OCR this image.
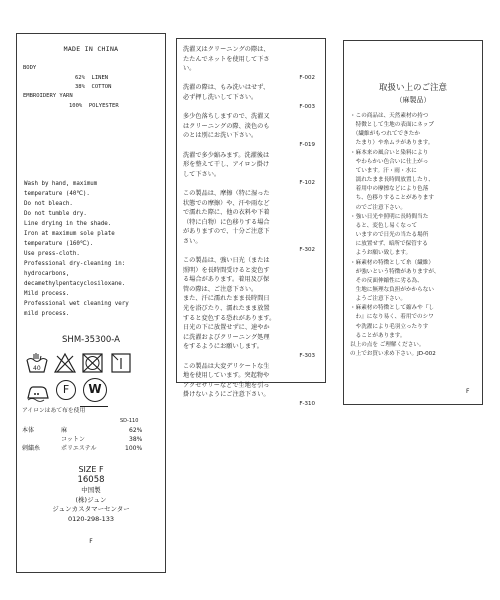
MADE IN CHINA
BODY
62%  LINEN
38%  COTTON
EMBROIDERY YARN
100%  POLYESTER
Wash by hand, maximum
temperature (40℃).
Do not bleach.
Do not tumble dry.
Line drying in the shade.
Iron at maximum sole plate
temperature (160℃).
Use press-cloth.
Professional dry-cleaning in:
hydrocarbons,
decamethylpentacyclosiloxane.
Mild process.
Professional wet cleaning very
mild process.
SHM-35300-A
40
F	W
アイロンはあて布を使用
SD-110
本体	麻	62%
コットン	38%
刺繍糸	ポリエステル	100%
SIZE F
16058
中国製
(株)ジュン
ジュンカスタマーセンター
0120-298-133
F

洗濯又はクリーニングの際は、

たたんでネットを使用して下さ

い。

F-002

洗濯の際は、もみ洗いはせず、

必ず押し洗いして下さい。

F-003

多少色落ちしますので、洗濯又

はクリーニングの際、淡色のも

のとは別にお洗い下さい。

F-019

洗濯で多少縮みます。洗濯後は

形を整えて干し、アイロン掛け

して下さい。

F-102

この製品は、摩擦（特に湿った

状態での摩擦）や、汗や雨など

で濡れた際に、他の衣料や下着

（特に白物）に色移りする場合

がありますので、十分ご注意下

さい。

F-302

この製品は、強い日光（または

照明）を長時間受けると変色す

る場合があります。着用及び保

管の際は、ご注意下さい。

また、汗に濡れたまま長時間日

光を浴びたり、濡れたまま放置

すると変色する恐れがあります。

日光の下に放置せずに、速やか

に洗濯およびクリーニング処理

をするようにお願いします。

F-303

この製品は大変デリケートな生

地を使用しています。突起物や

アクセサリーなどで生地を引っ

掛けないようにご注意下さい。

F-310

取扱い上のご注意
（麻製品）

・この商品は、天然素材の持つ

　特徴として生地の表面にネップ

　（繊維がもつれてできたか

　たまり）や糸ムラがあります。

・麻本来の風合いと染料により

　やわらかい色合いに仕上がっ

　ています。汗・雨・水に

　濡れたまま長時間放置したり、

　着用中の摩擦などにより色落

　ち、色移りすることがあります

　のでご注意下さい。

・強い日光や照明に長時間当た

　ると、変色し易くなって

　いますので日光の当たる場所

　に放置せず、暗所で保管する

　ようお願い致します。

・麻素材の特徴として糸（繊維）

　が強いという特徴がありますが、

　その反面伸縮性に劣る為、

　生地に無理な負担がかからない

　ようご注意下さい。

・麻素材の特徴として縮みや『し

　わ』になり易く、着用でのシワ

　や洗濯により毛羽立ったりす

　ることがあります。

以上の点を ご理解ください。

の上でお買い求め下さい。JD-002

F
